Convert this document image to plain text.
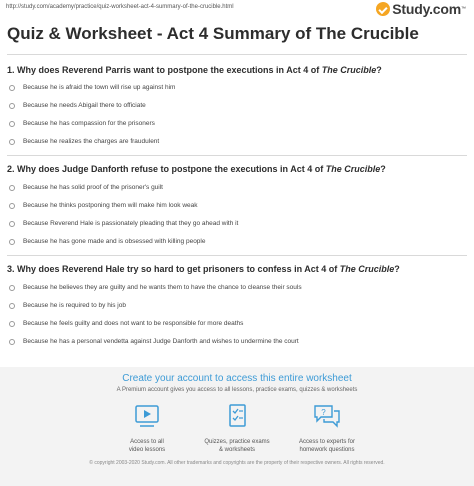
http://study.com/academy/practice/quiz-worksheet-act-4-summary-of-the-crucible.html	Study.com ™
Quiz & Worksheet - Act 4 Summary of The Crucible
1. Why does Reverend Parris want to postpone the executions in Act 4 of The Crucible?
Because he is afraid the town will rise up against him
Because he needs Abigail there to officiate
Because he has compassion for the prisoners
Because he realizes the charges are fraudulent
2. Why does Judge Danforth refuse to postpone the executions in Act 4 of The Crucible?
Because he has solid proof of the prisoner's guilt
Because he thinks postponing them will make him look weak
Because Reverend Hale is passionately pleading that they go ahead with it
Because he has gone made and is obsessed with killing people
3. Why does Reverend Hale try so hard to get prisoners to confess in Act 4 of The Crucible?
Because he believes they are guilty and he wants them to have the chance to cleanse their souls
Because he is required to by his job
Because he feels guilty and does not want to be responsible for more deaths
Because he has a personal vendetta against Judge Danforth and wishes to undermine the court
Create your account to access this entire worksheet
A Premium account gives you access to all lessons, practice exams, quizzes & worksheets
Access to all
video lessons
Quizzes, practice exams
& worksheets
?
Access to experts for
homework questions
© copyright 2003-2020 Study.com. All other trademarks and copyrights are the property of their respective owners. All rights reserved.
